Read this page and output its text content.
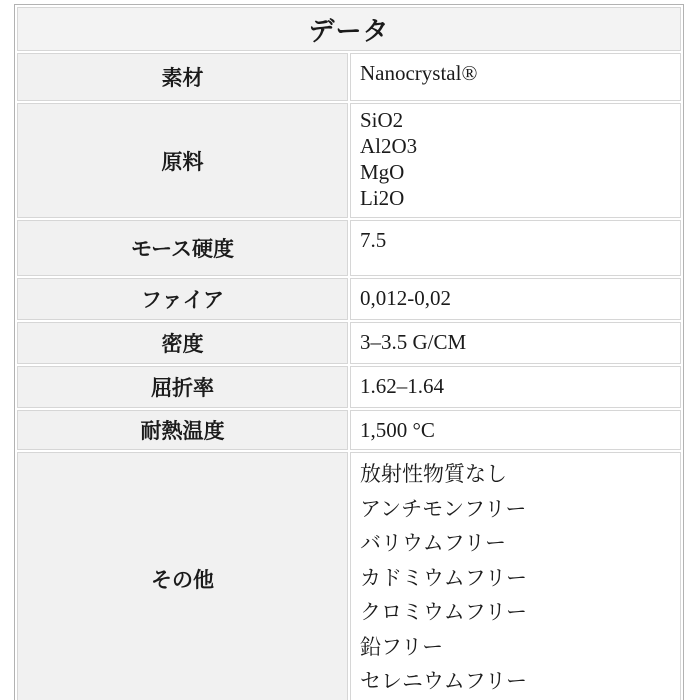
データ	
素材	Nanocrystal®

原料	SiO2
Al2O3
MgO
Li2O

モース硬度	7.5

ファイア	0,012-0,02

密度	3–3.5 G/CM

屈折率	1.62–1.64

耐熱温度	1,500 °C

その他	
放射性物質なし
アンチモンフリー
バリウムフリー
カドミウムフリー
クロミウムフリー
鉛フリー
セレニウムフリー
